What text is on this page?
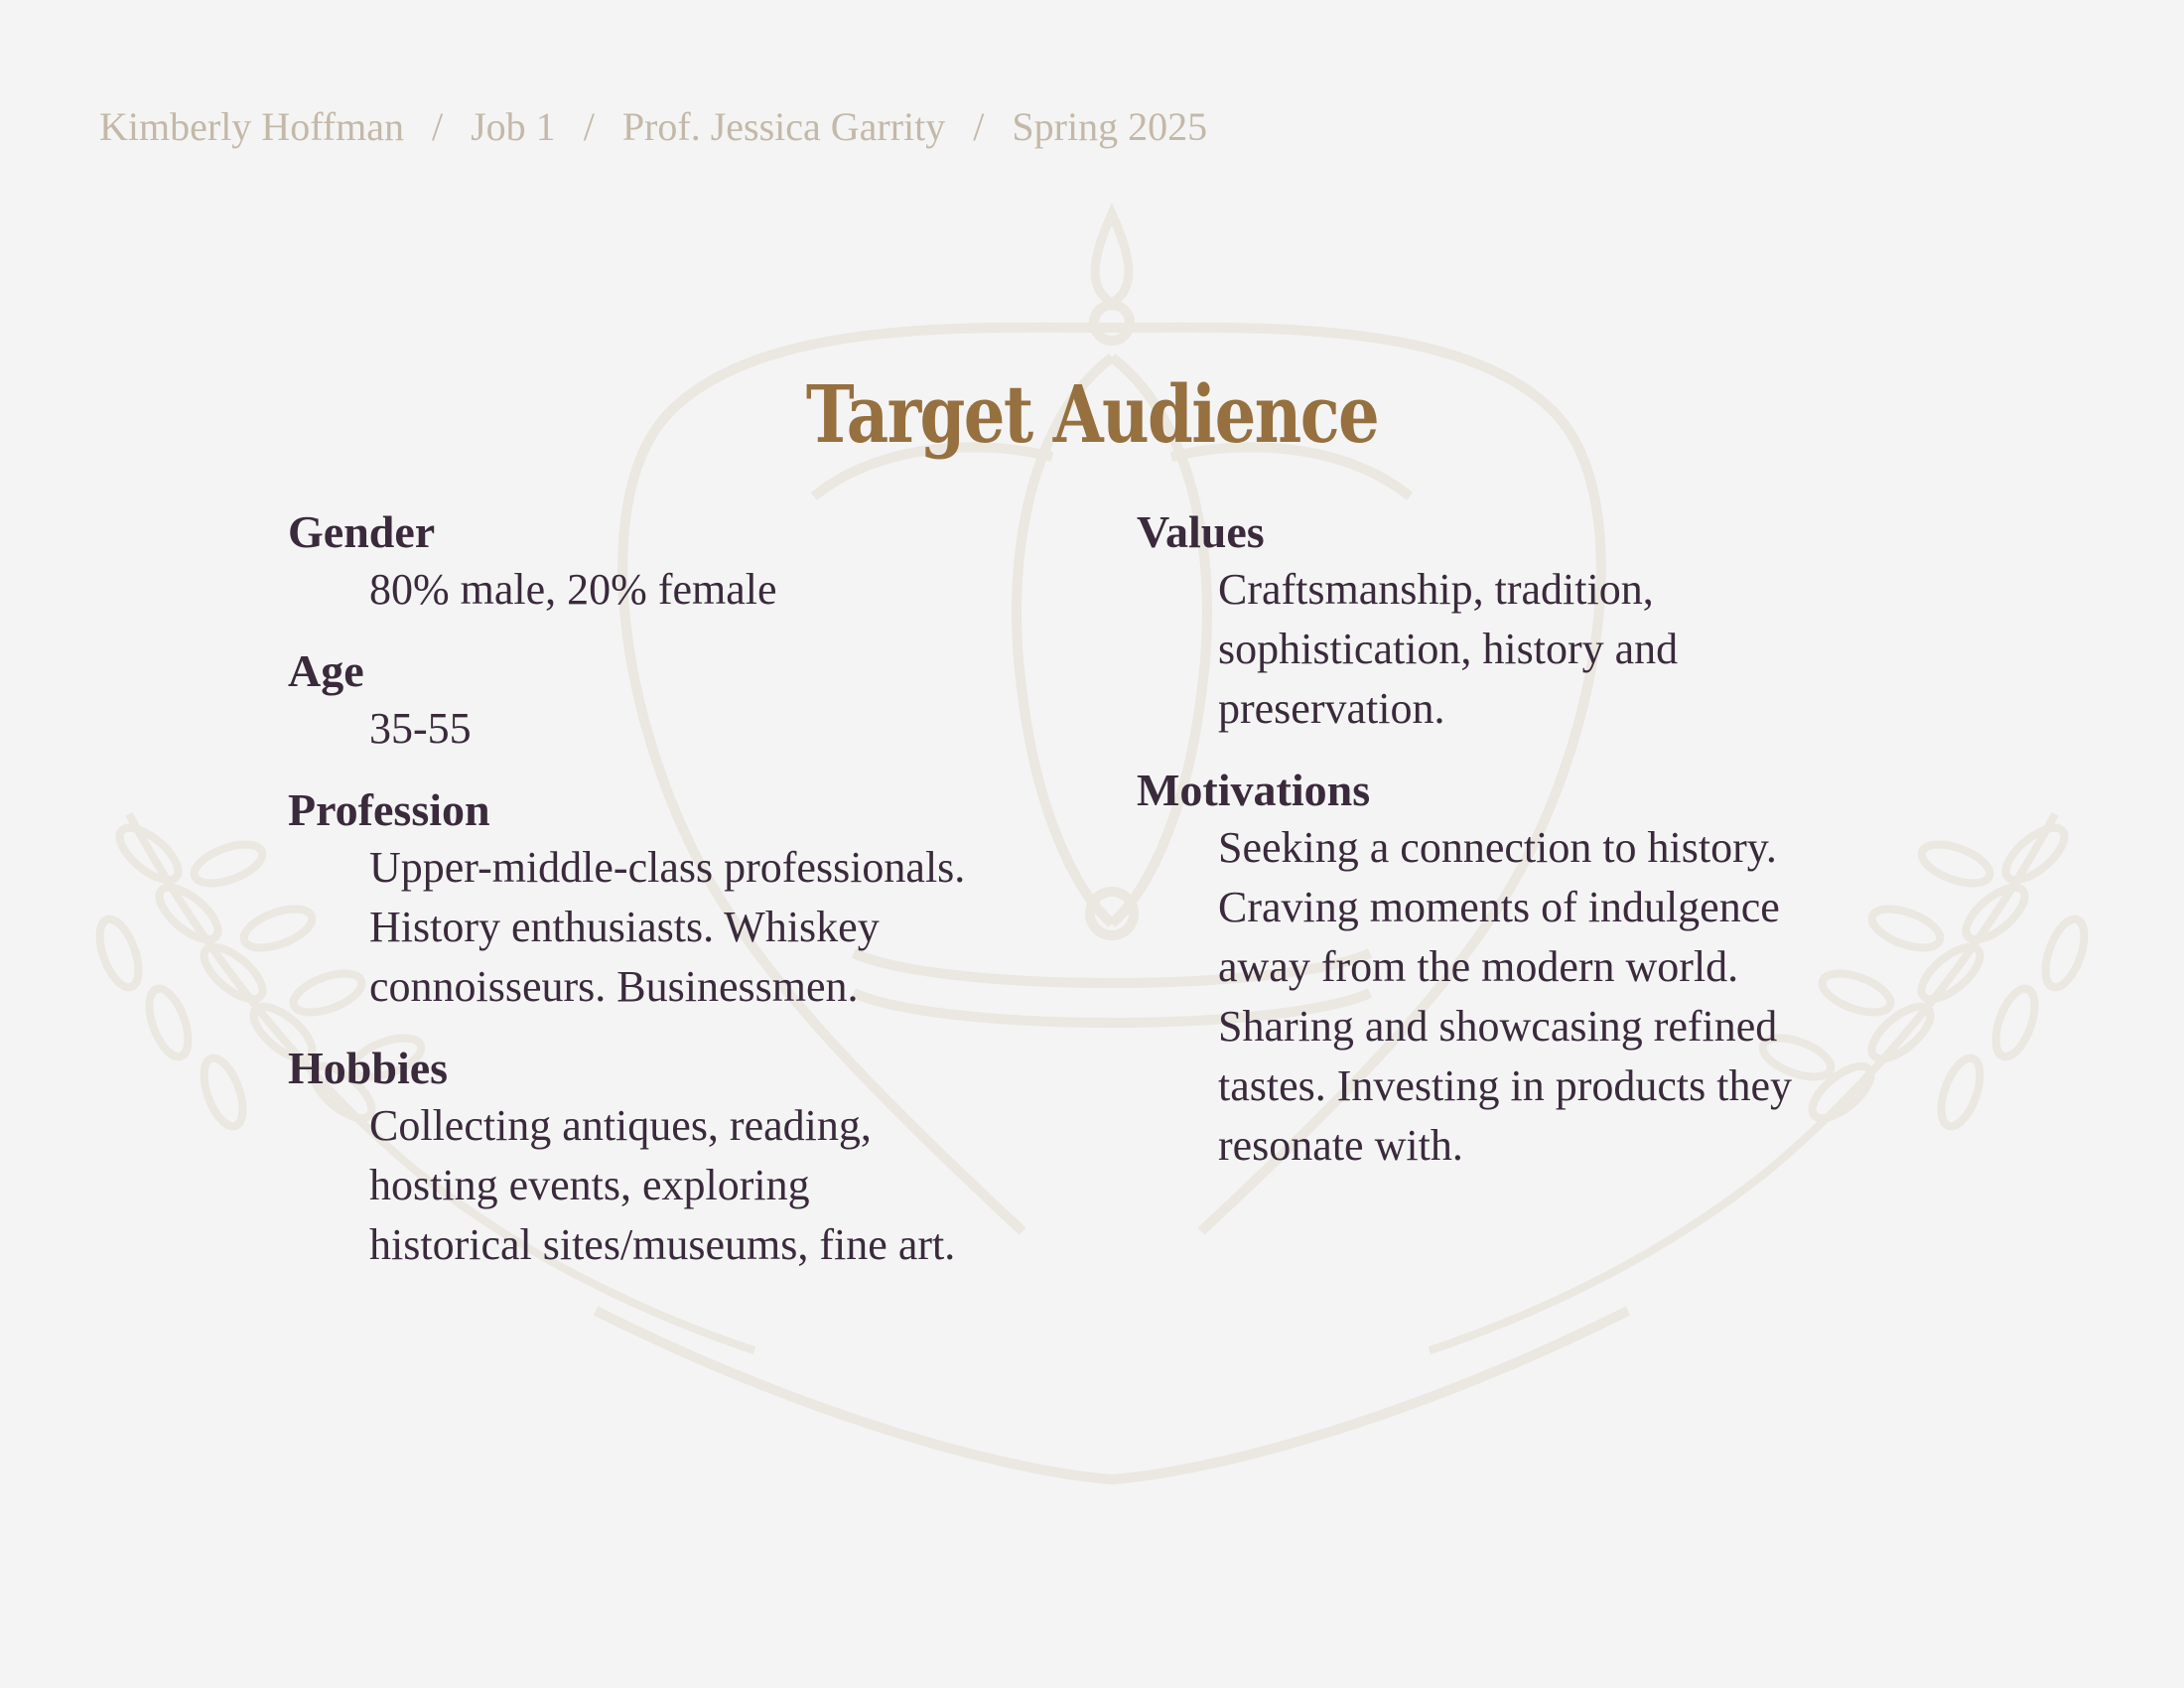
Kimberly Hoffman / Job 1 / Prof. Jessica Garrity / Spring 2025
Target Audience

Gender

80% male, 20% female

Age

35-55

Profession

Upper-middle-class professionals.

History enthusiasts. Whiskey

connoisseurs. Businessmen.

Hobbies

Collecting antiques, reading,

hosting events, exploring

historical sites/museums, fine art.

Values

Craftsmanship, tradition,

sophistication, history and

preservation.

Motivations

Seeking a connection to history.

Craving moments of indulgence

away from the modern world.

Sharing and showcasing refined

tastes. Investing in products they

resonate with.
